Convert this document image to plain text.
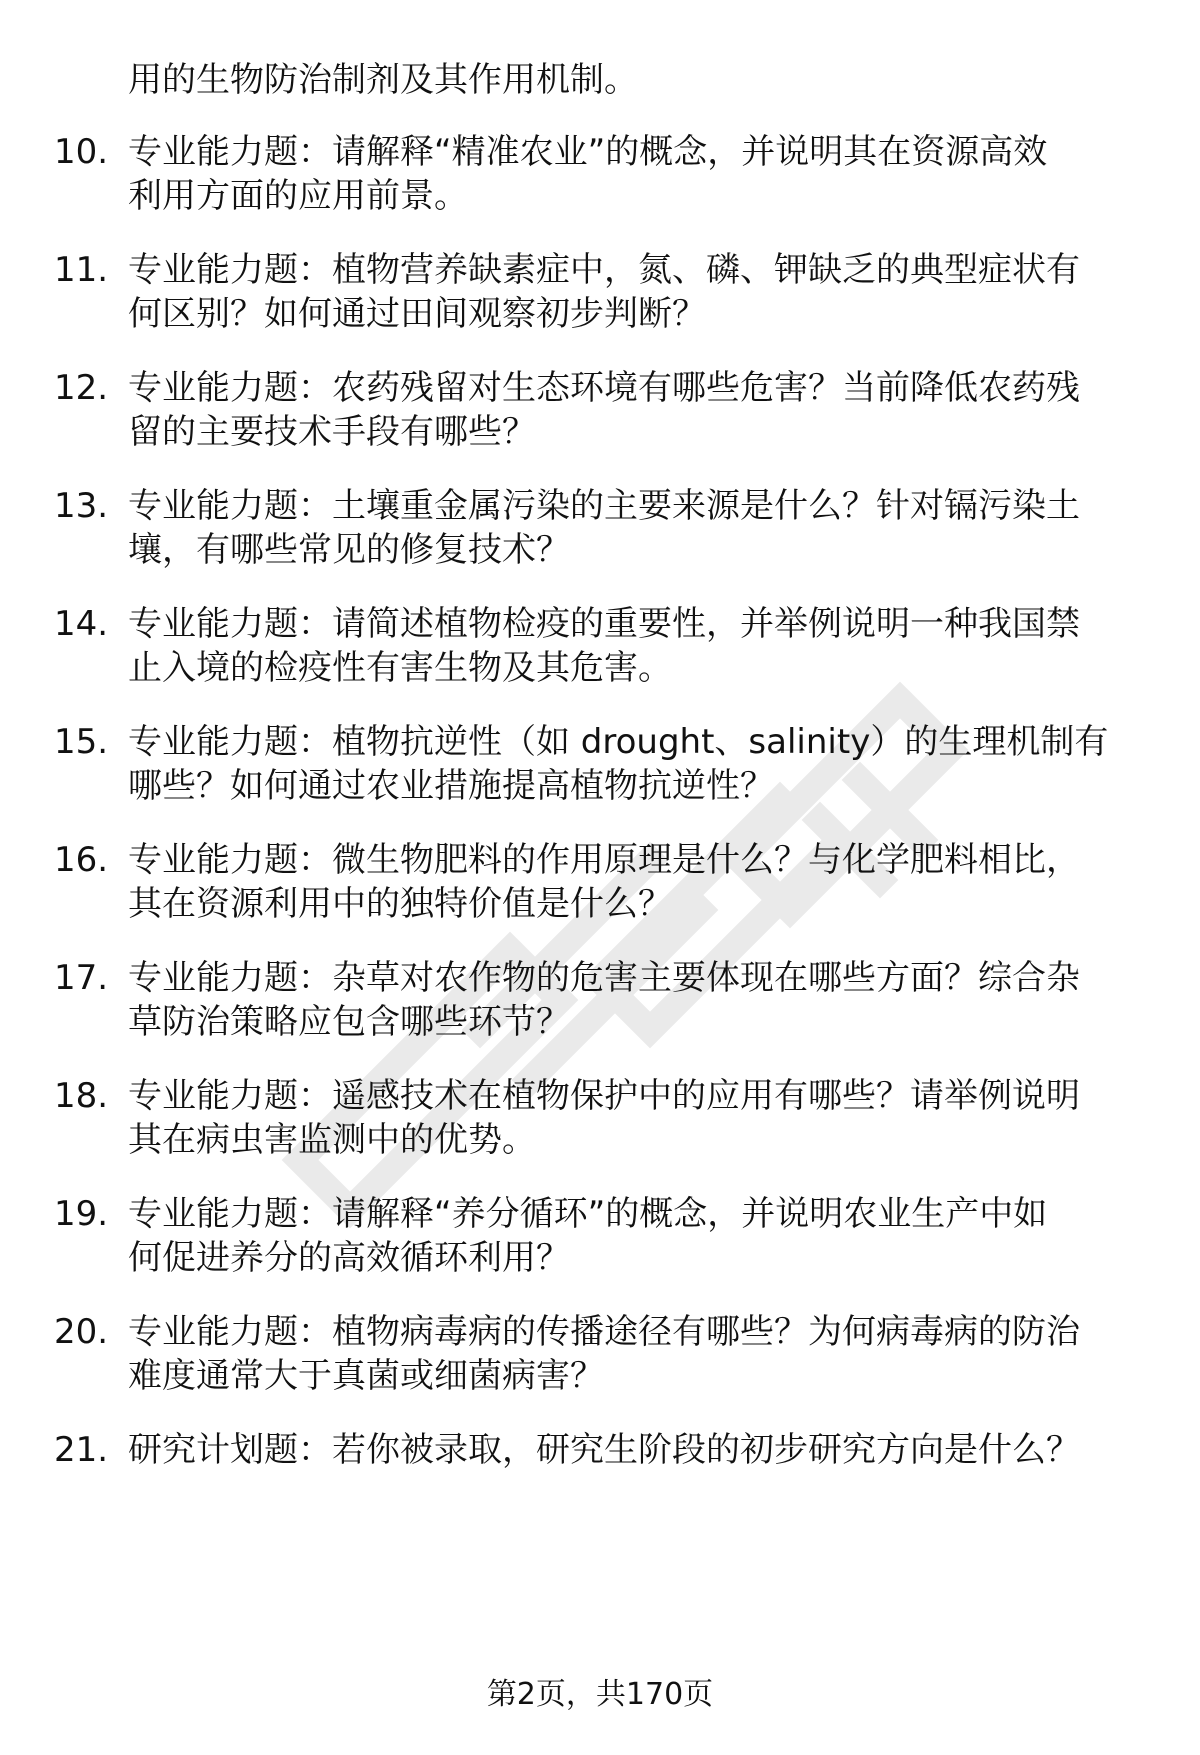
用的生物防治制剂及其作用机制。
10. 专业能力题：请解释“精准农业”的概念，并说明其在资源高效
利用方面的应用前景。
11. 专业能力题：植物营养缺素症中，氮、磷、钾缺乏的典型症状有
何区别？如何通过田间观察初步判断？
12. 专业能力题：农药残留对生态环境有哪些危害？当前降低农药残
留的主要技术手段有哪些？
13. 专业能力题：土壤重金属污染的主要来源是什么？针对镉污染土
壤，有哪些常见的修复技术？
14. 专业能力题：请简述植物检疫的重要性，并举例说明一种我国禁
止入境的检疫性有害生物及其危害。
15. 专业能力题：植物抗逆性（如 drought、salinity）的生理机制有
哪些？如何通过农业措施提高植物抗逆性？
16. 专业能力题：微生物肥料的作用原理是什么？与化学肥料相比，
其在资源利用中的独特价值是什么？
17. 专业能力题：杂草对农作物的危害主要体现在哪些方面？综合杂
草防治策略应包含哪些环节？
18. 专业能力题：遥感技术在植物保护中的应用有哪些？请举例说明
其在病虫害监测中的优势。
19. 专业能力题：请解释“养分循环”的概念，并说明农业生产中如
何促进养分的高效循环利用？
20. 专业能力题：植物病毒病的传播途径有哪些？为何病毒病的防治
难度通常大于真菌或细菌病害？
21. 研究计划题：若你被录取，研究生阶段的初步研究方向是什么？
第2页，共170页
